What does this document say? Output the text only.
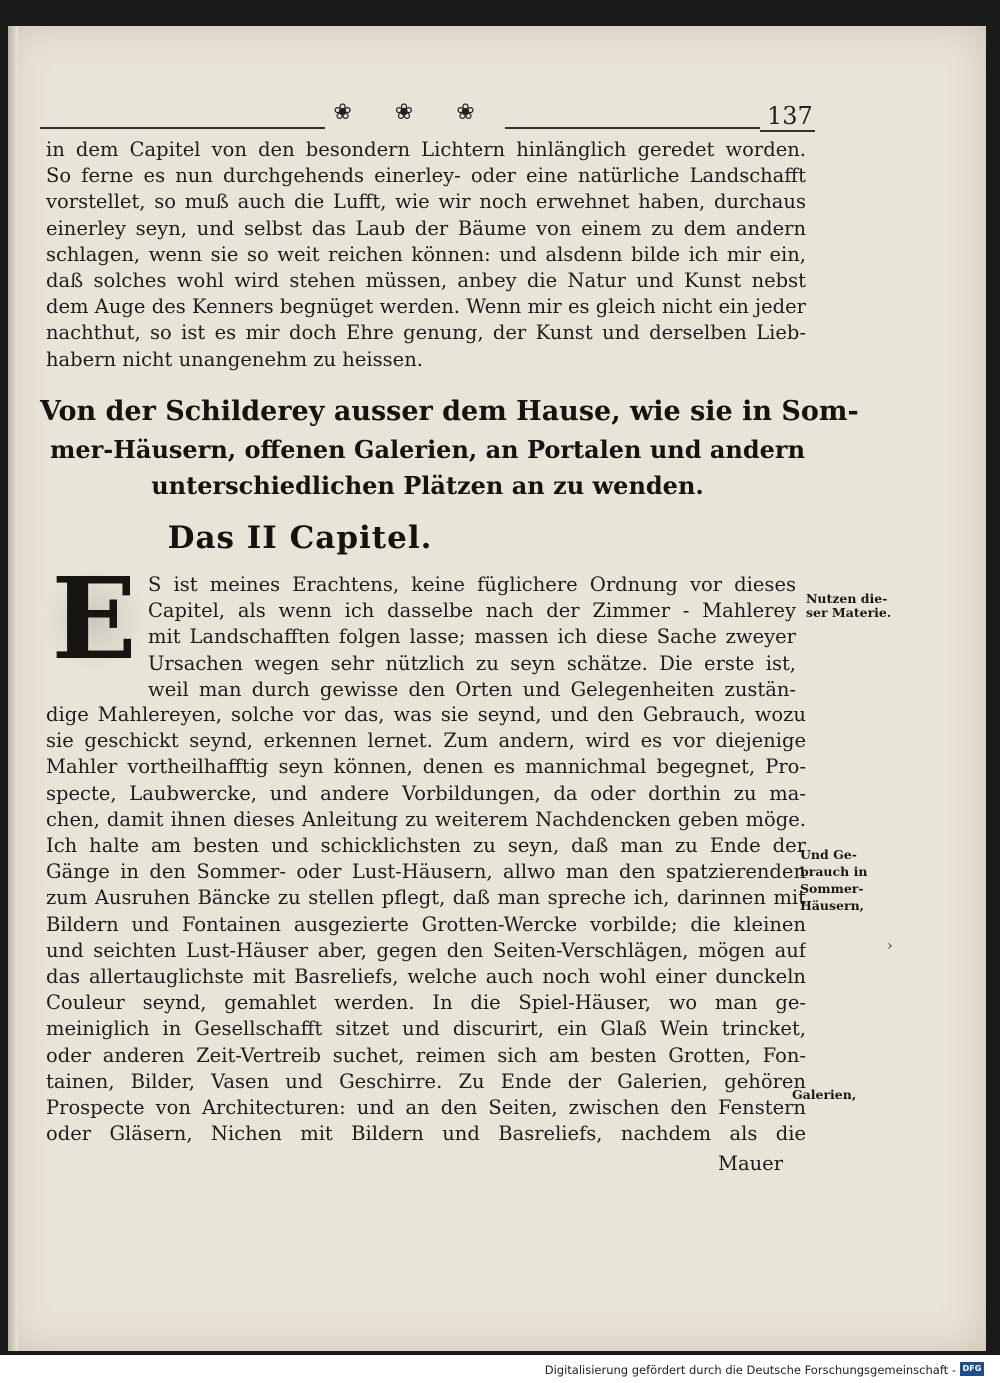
❀ ❀ ❀	137
in dem Capitel von den besondern Lichtern hinlänglich geredet worden.
So ferne es nun durchgehends einerley- oder eine natürliche Landschafft
vorstellet, so muß auch die Lufft, wie wir noch erwehnet haben, durchaus
einerley seyn, und selbst das Laub der Bäume von einem zu dem andern
schlagen, wenn sie so weit reichen können: und alsdenn bilde ich mir ein,
daß solches wohl wird stehen müssen, anbey die Natur und Kunst nebst
dem Auge des Kenners begnüget werden. Wenn mir es gleich nicht ein jeder
nachthut, so ist es mir doch Ehre genung, der Kunst und derselben Lieb-
habern nicht unangenehm zu heissen.
Von der Schilderey ausser dem Hause, wie sie in Som-
mer-Häusern, offenen Galerien, an Portalen und andern
unterschiedlichen Plätzen an zu wenden.
Das II Capitel.
E S ist meines Erachtens, keine füglichere Ordnung vor dieses
Capitel, als wenn ich dasselbe nach der Zimmer - Mahlerey
mit Landschafften folgen lasse; massen ich diese Sache zweyer
Ursachen wegen sehr nützlich zu seyn schätze. Die erste ist,
weil man durch gewisse den Orten und Gelegenheiten zustän-
dige Mahlereyen, solche vor das, was sie seynd, und den Gebrauch, wozu
sie geschickt seynd, erkennen lernet. Zum andern, wird es vor diejenige
Mahler vortheilhafftig seyn können, denen es mannichmal begegnet, Pro-
specte, Laubwercke, und andere Vorbildungen, da oder dorthin zu ma-
chen, damit ihnen dieses Anleitung zu weiterem Nachdencken geben möge.
Ich halte am besten und schicklichsten zu seyn, daß man zu Ende der
Gänge in den Sommer- oder Lust-Häusern, allwo man den spatzierenden
zum Ausruhen Bäncke zu stellen pflegt, daß man spreche ich, darinnen mit
Bildern und Fontainen ausgezierte Grotten-Wercke vorbilde; die kleinen
und seichten Lust-Häuser aber, gegen den Seiten-Verschlägen, mögen auf
das allertauglichste mit Basreliefs, welche auch noch wohl einer dunckeln
Couleur seynd, gemahlet werden. In die Spiel-Häuser, wo man ge-
meiniglich in Gesellschafft sitzet und discurirt, ein Glaß Wein trincket,
oder anderen Zeit-Vertreib suchet, reimen sich am besten Grotten, Fon-
tainen, Bilder, Vasen und Geschirre. Zu Ende der Galerien, gehören
Prospecte von Architecturen: und an den Seiten, zwischen den Fenstern
oder Gläsern, Nichen mit Bildern und Basreliefs, nachdem als die
Mauer
Nutzen die-
ser Materie.
Und Ge-
brauch in
Sommer-
Häusern,
Galerien,
›
Digitalisierung gefördert durch die Deutsche Forschungsgemeinschaft - DFG
